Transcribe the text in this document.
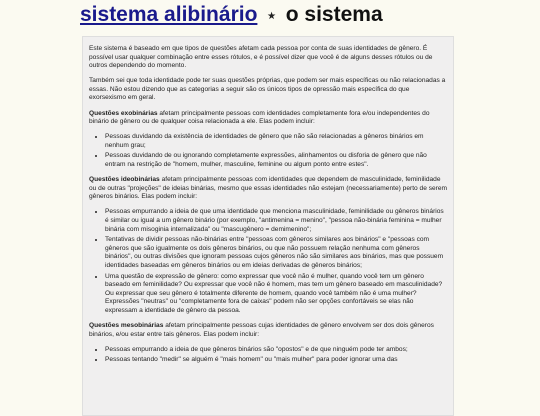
sistema alibinário ⋆ o sistema

Este sistema é baseado em que tipos de questões afetam cada pessoa por conta de suas identidades de gênero. É possível usar qualquer combinação entre esses rótulos, e é possível dizer que você é de alguns desses rótulos ou de outros dependendo do momento.

Também sei que toda identidade pode ter suas questões próprias, que podem ser mais específicas ou não relacionadas a essas. Não estou dizendo que as categorias a seguir são os únicos tipos de opressão mais específica do que exorsexismo em geral.

Questões exobinárias afetam principalmente pessoas com identidades completamente fora e/ou independentes do binário de gênero ou de qualquer coisa relacionada a ele. Elas podem incluir:

• Pessoas duvidando da existência de identidades de gênero que não são relacionadas a gêneros binários em nenhum grau;
• Pessoas duvidando de ou ignorando completamente expressões, alinhamentos ou disforia de gênero que não entram na restrição de "homem, mulher, masculine, feminine ou algum ponto entre estes".

Questões ideobinárias afetam principalmente pessoas com identidades que dependem de masculinidade, feminilidade ou de outras "projeções" de ideias binárias, mesmo que essas identidades não estejam (necessariamente) perto de serem gêneros binários. Elas podem incluir:

• Pessoas empurrando a ideia de que uma identidade que menciona masculinidade, feminilidade ou gêneros binários é similar ou igual a um gênero binário (por exemplo, "antimenina = menino", "pessoa não-binária feminina = mulher binária com misoginia internalizada" ou "mascugênero = demimenino";
• Tentativas de dividir pessoas não-binárias entre "pessoas com gêneros similares aos binários" e "pessoas com gêneros que são igualmente os dois gêneros binários, ou que não possuem relação nenhuma com gêneros binários", ou outras divisões que ignoram pessoas cujos gêneros não são similares aos binários, mas que possuem identidades baseadas em gêneros binários ou em ideias derivadas de gêneros binários;
• Uma questão de expressão de gênero: como expressar que você não é mulher, quando você tem um gênero baseado em feminilidade? Ou expressar que você não é homem, mas tem um gênero baseado em masculinidade? Ou expressar que seu gênero é totalmente diferente de homem, quando você também não é uma mulher? Expressões "neutras" ou "completamente fora de caixas" podem não ser opções confortáveis se elas não expressam a identidade de gênero da pessoa.

Questões mesobinárias afetam principalmente pessoas cujas identidades de gênero envolvem ser dos dois gêneros binários, e/ou estar entre tais gêneros. Elas podem incluir:

• Pessoas empurrando a ideia de que gêneros binários são "opostos" e de que ninguém pode ter ambos;
• Pessoas tentando "medir" se alguém é "mais homem" ou "mais mulher" para poder ignorar uma das
